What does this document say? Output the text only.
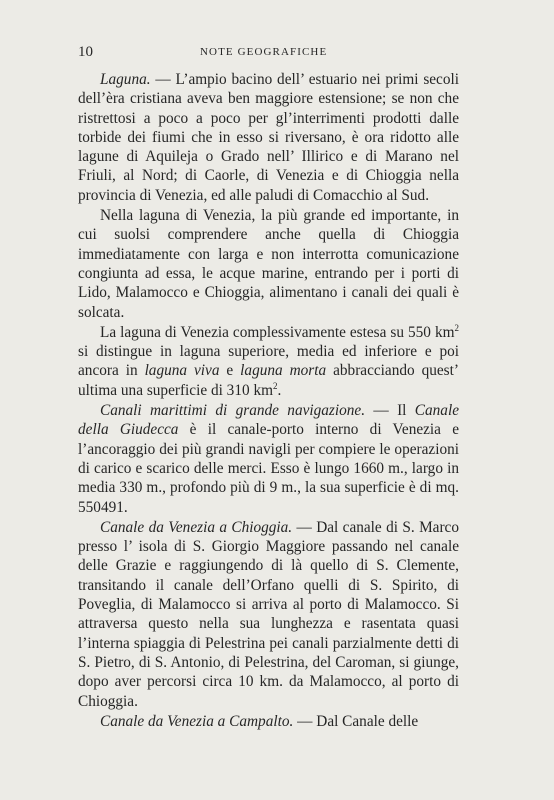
10	NOTE GEOGRAFICHE

Laguna. — L’ampio bacino dell’ estuario nei primi secoli dell’èra cristiana aveva ben maggiore estensione; se non che ristrettosi a poco a poco per gl’interrimenti prodotti dalle torbide dei fiumi che in esso si riversano, è ora ridotto alle lagune di Aquileja o Grado nell’ Illirico e di Marano nel Friuli, al Nord; di Caorle, di Venezia e di Chioggia nella provincia di Venezia, ed alle paludi di Comacchio al Sud.

Nella laguna di Venezia, la più grande ed importante, in cui suolsi comprendere anche quella di Chioggia immediatamente con larga e non interrotta comunicazione congiunta ad essa, le acque marine, entrando per i porti di Lido, Malamocco e Chioggia, alimentano i canali dei quali è solcata.

La laguna di Venezia complessivamente estesa su 550 $km^2$ si distingue in laguna superiore, media ed inferiore e poi ancora in laguna viva e laguna morta abbracciando quest’ ultima una superficie di 310 $km^2$.

Canali marittimi di grande navigazione. — Il Canale della Giudecca è il canale-porto interno di Venezia e l’ancoraggio dei più grandi navigli per compiere le operazioni di carico e scarico delle merci. Esso è lungo 1660 m., largo in media 330 m., profondo più di 9 m., la sua superficie è di mq. 550491.

Canale da Venezia a Chioggia. — Dal canale di S. Marco presso l’ isola di S. Giorgio Maggiore passando nel canale delle Grazie e raggiungendo di là quello di S. Clemente, transitando il canale dell’Orfano quelli di S. Spirito, di Poveglia, di Malamocco si arriva al porto di Malamocco. Si attraversa questo nella sua lunghezza e rasentata quasi l’interna spiaggia di Pelestrina pei canali parzialmente detti di S. Pietro, di S. Antonio, di Pelestrina, del Caroman, si giunge, dopo aver percorsi circa 10 km. da Malamocco, al porto di Chioggia.

Canale da Venezia a Campalto. — Dal Canale delle
